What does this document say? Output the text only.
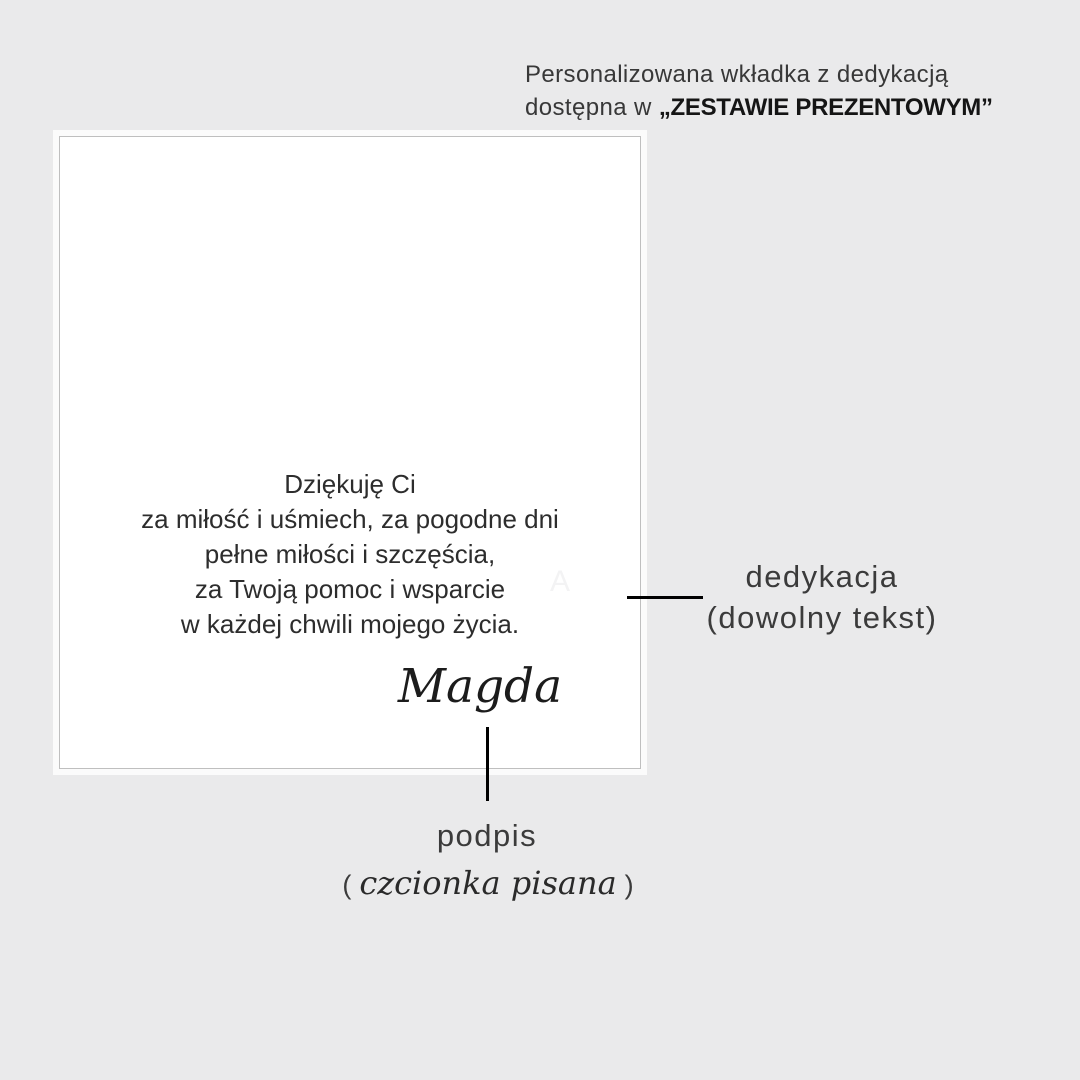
Personalizowana wkładka z dedykacją
dostępna w „ZESTAWIE PREZENTOWYM”
A
Dziękuję Ci
za miłość i uśmiech, za pogodne dni
pełne miłości i szczęścia,
za Twoją pomoc i wsparcie
w każdej chwili mojego życia.
Magda
dedykacja
(dowolny tekst)
podpis
( czcionka pisana )
